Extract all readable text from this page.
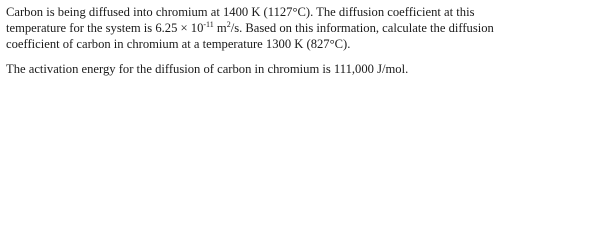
Carbon is being diffused into chromium at 1400 K (1127°C). The diffusion coefficient at this
temperature for the system is $6.25 \times 10^{-11}$ $m^2/s$. Based on this information, calculate the diffusion
coefficient of carbon in chromium at a temperature 1300 K (827°C).
The activation energy for the diffusion of carbon in chromium is 111,000 J/mol.
